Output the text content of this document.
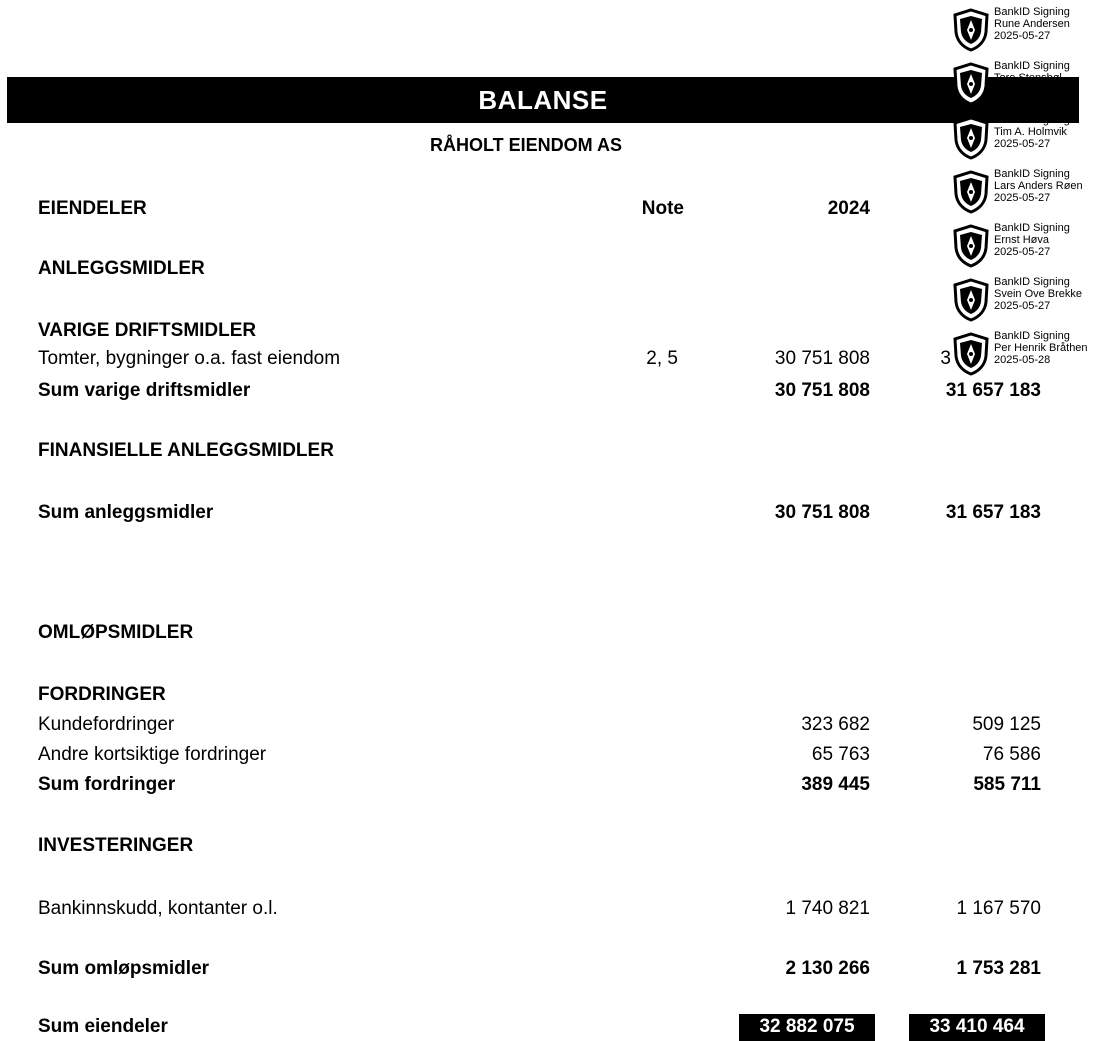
BALANSE
RÅHOLT EIENDOM AS
EIENDELER	Note	2024
ANLEGGSMIDLER
VARIGE DRIFTSMIDLER
Tomter, bygninger o.a. fast eiendom	2, 5	30 751 808	3
Sum varige driftsmidler	30 751 808	31 657 183
FINANSIELLE ANLEGGSMIDLER
Sum anleggsmidler	30 751 808	31 657 183
OMLØPSMIDLER
FORDRINGER
Kundefordringer	323 682	509 125
Andre kortsiktige fordringer	65 763	76 586
Sum fordringer	389 445	585 711
INVESTERINGER
Bankinnskudd, kontanter o.l.	1 740 821	1 167 570
Sum omløpsmidler	2 130 266	1 753 281
Sum eiendeler	32 882 075	33 410 464
BankID Signing
Rune Andersen
2025-05-27
BankID Signing
Tore Stensbøl
2025-05-27
BankID Signing
Tim A. Holmvik
2025-05-27
BankID Signing
Lars Anders Røen
2025-05-27
BankID Signing
Ernst Høva
2025-05-27
BankID Signing
Svein Ove Brekke
2025-05-27
BankID Signing
Per Henrik Bråthen
2025-05-28
